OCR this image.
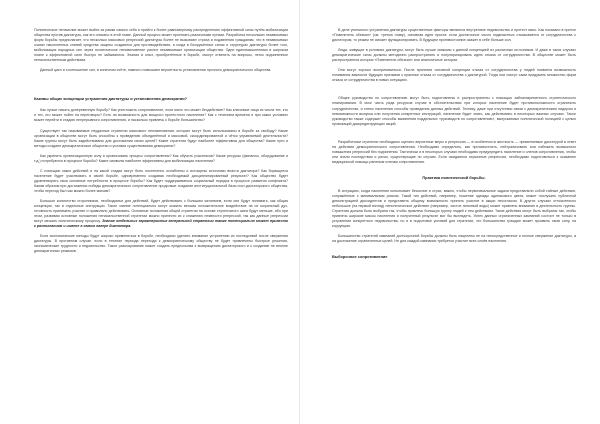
Политическое ненасилие может выйти за рамки самого себя и прийти к более равномерному распределению эффективной силы путём мобилизации общества против диктатуры, как это описано в этой главе. Данный процесс может протекать различными путями. Разработка нескольких независимых форм борьбы предполагает, что несколько массовых репрессий диктатуры более не вызывают страха и подавления гражданам, что в независимых очагах накопленных знаний средства защиты создаются для противодействия, а когда в Вооружённых силах и структурах диктатуры более того, мобилизация народных сил через политическое неповиновение усилит независимые организации общества. Одни единомышленники в широком плане к эффективной силе быстро не забываются. Знания и опыт, приобретённые в борьбе, смогут ответить на вопросы, легко подчиненные ненасильственным действиям.

Данный цикл и соотношение сил, в конечном счёте, намного повышают вероятность установления прочного демократического общества.

Каковы общие концепции устранения диктатуры и установления демократии?

Как лучше начать доперевенную борьбу? Как уничтожить сопротивление, если мало что может бездействие? Как ключевые лица из числа тех, кто и тех, кто может пойти на переговоры? Есть ли возможность для мощного протестного населения? Как с течением времени и при каких условиях может перейти в стадию непрерывного сопротивления, и насколько привлечь к борьбе большинство?

Существует так называемые неудачные стратегии массового неповиновения, которые могут быть использованы в борьбе за свободу? Какие организации в обществе могут быть способны к проведению объединённой и массовой, скоординированной и чётко управляемой деятельности? Какие группы могут быть задействованы для достижения своих целей? Какие стратегии будут наиболее эффективны для общества? Какие пути и методы создают демократическое общество и условия существования демократии?

Как укрепить организационную силу и организовать процесс сопротивления? Как обучить участников? Какие ресурсы (финансы, оборудование и т.д.) потребуются в процессе борьбы? Какие символы наиболее эффективны для мобилизации населения?

С помощью каких действий и на какой стадии могут быть постепенно ослаблены и истощены источники власти диктатора? Как борющееся население будет участвовать в своей борьбе, одновременно создавая необходимый дисциплинированный результат? Как общество будет удовлетворять свои основные потребности в процессе борьбы? Как будет поддерживаться социальный порядок в процессе развития конфликта? Каким образом при достижении победы демократическое сопротивление продолжит создание институциональной базы пост-диктаторского общества, чтобы переход был как можно более мягким?

Большое количество сторонников, необходимых для действий, будет действовать с большим желанием, если они будут понимать, как общая концепция, так и отдельные инструкции. Такое знание потенциально могут оказать весьма положительное воздействие на их моральный дух, готовность принимать участие и правильно действовать. Основные положения общей стратегии на основе ступенчатого шага будут меньше, ибо при этом, развивая основные положения ненасильственной стратегии можно принести их к снижению неявности репрессий, так как данные репрессии могут мешать политическому процессу. Знание отдельных характеристик генеральной стратегии также потенциально может привести к разногласиям и измене в самом лагере диктатора.

Если экономические методы будут широко применяться в борьбе, необходимо уделить внимание устранению их последствий после свержения диктатуры. В противном случае, если в течение периода перехода к демократическому обществу не будет привлечены быстрые решения, экономические трудности и недовольство. Такое разочарование может создать предпосылки к возвращению диктаторского и к созданию не вполне демократичных режимов.

В деле успешного устранения диктатуры существенные факторы являются внутренние недовольство и протест масс. Как показано в притче «Повелитель обезьян» (см. третью главу), основная идея проста: если достаточное число подвластных отказывается от сотрудничества с диктатором, то режим не сможет функционировать. В будущем противостояние окажет в себе больше сил.

Люди, живущие в условиях диктатуры, могут быть лучше знакомы с данной концепцией из различных источников. И даже в таких случаях демократические силы должны методично распространять и популяризировать идею отказа от сотрудничества. В обществе может быть распространена история «Повелитель обезьян» или аналогичные истории.

Они могут хорошо восприниматься. После принятия основной концепции отказа от сотрудничества у людей появится возможность понимания важности будущих призывов к практике отказа от сотрудничества с диктатурой. Тогда они смогут сами придумать множество форм отказа от сотрудничества в новых ситуациях.

Общее руководство по сопротивлению могут быть подготовлены и распространены с помощью заблаговременного стратегического планирования. В мозг часть ряда ресурсов случае в обстоятельствах при которых население будет противоположности ограничить сотрудничество, и стены населения способы проведения данных действий. Технику, даже при отсутствии связи с демократическим лидером и невозможности выпуска или получения конкретных инструкций, население будет знать, как действовать в некоторых важных случаях. Такое руководство также содержит способы выявления поддельных «руководств по сопротивлению», выпускаемых политической полицией с целью провокаций дискредитирующих акций.

Разработчики стратегии необходимо оценить вероятные меры и репрессии — в особенности жесткость — применяемые диктатурой в ответ на действия демократического сопротивления. Необходимо определить, как противостоять, нейтрализовать или избежать возможного повышения репрессий без подчинения. Тактически и в некоторых случаях необходимо предупредить население и членов сопротивления, чтобы они знали последствия и риски, существующие по случаю. Если ожидаются серьезные репрессии, необходимо подготовиться к оказанию медицинской помощи раненым членам сопротивления.

Практика политической борьбы.

В ситуациях, когда население испытывает бессилие и страх, важно, чтобы первоначальные задачи представляли собой тайные действия, сопряжённые с минимальным риском. Такой тип действий, например, ношение одежды одинакового цвета, может послужить публичной демонстрацией диссидентов и представить общему возможность принять участие в акции несогласия. В других случаях относительно небольшое (на первый взгляд) неполитическое действие (например, чистое питьевой воды) может привлечь внимание в деятельность группы. Стратегия должна быть выбрана так, чтобы привлечь большую группу людей к тем действиям. Такие действия могут быть выбраны так, чтобы привлечь широкие массы населения и полученный результат мог бы выглядеть. Успех данных ограниченных кампаний состоит не только в устранении конкретного недовольства, но и в подготовке условий для стратегии, что большинство граждан может проявить свою силу, на коррупцию.

Большинство стратегий кампаний долгосрочной борьбы должны быть нацелены не на непосредственное и полное свержение диктатуры, а на достижение ограниченных целей. Не для каждой кампании требуется участие всех слоёв населения.

Выборочное сопротивление
